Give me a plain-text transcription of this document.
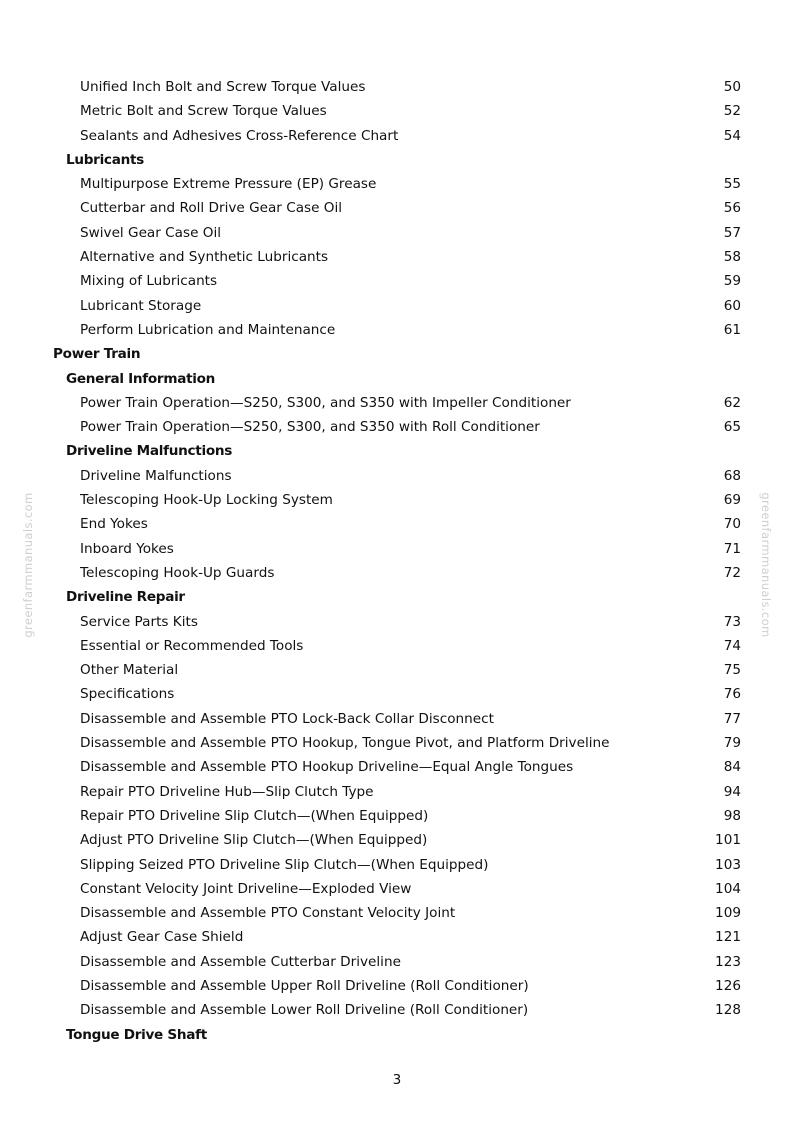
greenfarmmanuals.com	greenfarmmanuals.com
Unified Inch Bolt and Screw Torque Values	50
Metric Bolt and Screw Torque Values	52
Sealants and Adhesives Cross-Reference Chart	54
Lubricants
Multipurpose Extreme Pressure (EP) Grease	55
Cutterbar and Roll Drive Gear Case Oil	56
Swivel Gear Case Oil	57
Alternative and Synthetic Lubricants	58
Mixing of Lubricants	59
Lubricant Storage	60
Perform Lubrication and Maintenance	61
Power Train
General Information
Power Train Operation—S250, S300, and S350 with Impeller Conditioner	62
Power Train Operation—S250, S300, and S350 with Roll Conditioner	65
Driveline Malfunctions
Driveline Malfunctions	68
Telescoping Hook-Up Locking System	69
End Yokes	70
Inboard Yokes	71
Telescoping Hook-Up Guards	72
Driveline Repair
Service Parts Kits	73
Essential or Recommended Tools	74
Other Material	75
Specifications	76
Disassemble and Assemble PTO Lock-Back Collar Disconnect	77
Disassemble and Assemble PTO Hookup, Tongue Pivot, and Platform Driveline	79
Disassemble and Assemble PTO Hookup Driveline—Equal Angle Tongues	84
Repair PTO Driveline Hub—Slip Clutch Type	94
Repair PTO Driveline Slip Clutch—(When Equipped)	98
Adjust PTO Driveline Slip Clutch—(When Equipped)	101
Slipping Seized PTO Driveline Slip Clutch—(When Equipped)	103
Constant Velocity Joint Driveline—Exploded View	104
Disassemble and Assemble PTO Constant Velocity Joint	109
Adjust Gear Case Shield	121
Disassemble and Assemble Cutterbar Driveline	123
Disassemble and Assemble Upper Roll Driveline (Roll Conditioner)	126
Disassemble and Assemble Lower Roll Driveline (Roll Conditioner)	128
Tongue Drive Shaft
3
